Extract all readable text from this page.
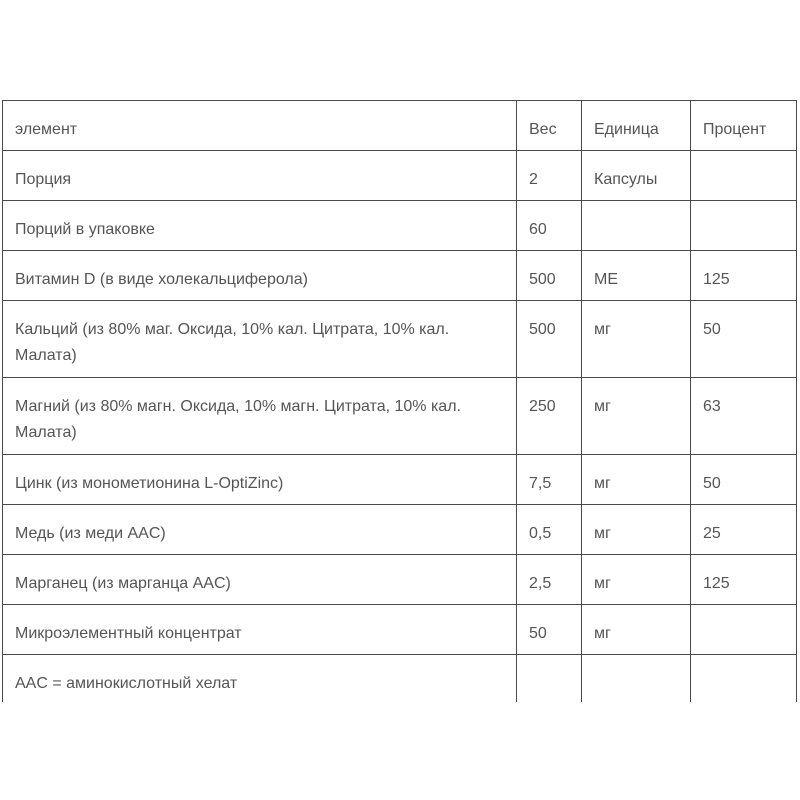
элемент	Вес	Единица	Процент
Порция	2	Капсулы	
Порций в упаковке	60		
Витамин D (в виде холекальциферола)	500	МЕ	125
Кальций (из 80% маг. Оксида, 10% кал. Цитрата, 10% кал. Малата)	500	мг	50
Магний (из 80% магн. Оксида, 10% магн. Цитрата, 10% кал. Малата)	250	мг	63
Цинк (из монометионина L-OptiZinc)	7,5	мг	50
Медь (из меди AAC)	0,5	мг	25
Марганец (из марганца AAC)	2,5	мг	125
Микроэлементный концентрат	50	мг	
AAC = аминокислотный хелат			
